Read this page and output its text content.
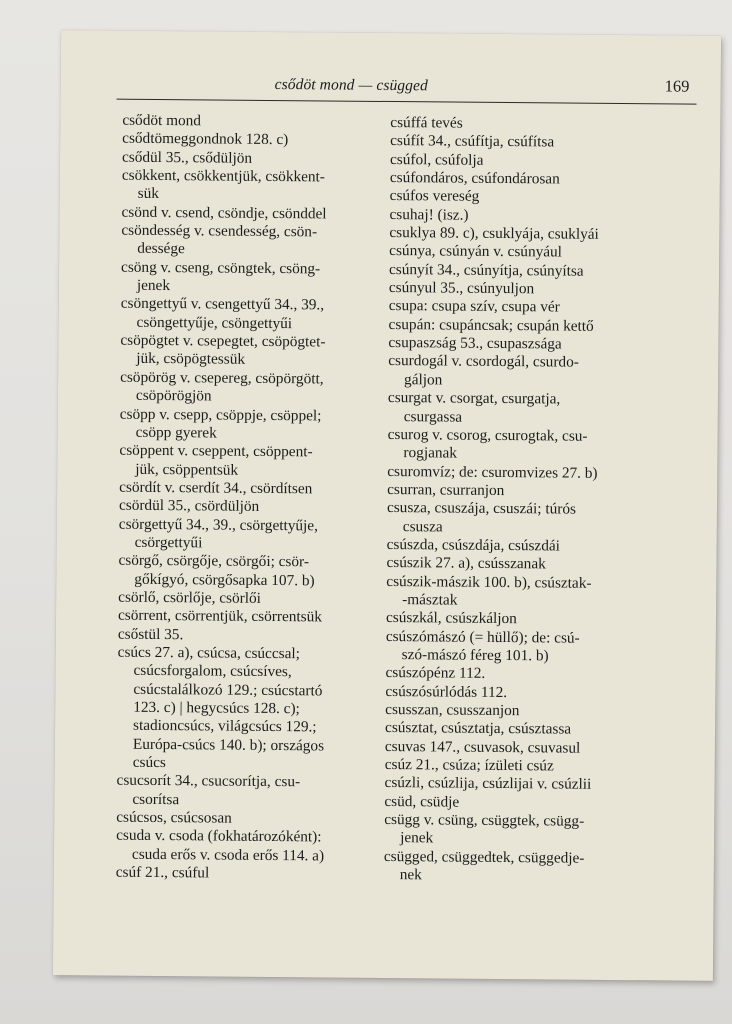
csődöt mond — csügged	169
csődöt mond
csődtömeggondnok 128. c)
csődül 35., csődüljön
csökkent, csökkentjük, csökkent-
sük
csönd v. csend, csöndje, csönddel
csöndesség v. csendesség, csön-
dessége
csöng v. cseng, csöngtek, csöng-
jenek
csöngettyű v. csengettyű 34., 39.,
csöngettyűje, csöngettyűi
csöpögtet v. csepegtet, csöpögtet-
jük, csöpögtessük
csöpörög v. csepereg, csöpörgött,
csöpörögjön
csöpp v. csepp, csöppje, csöppel;
csöpp gyerek
csöppent v. cseppent, csöppent-
jük, csöppentsük
csördít v. cserdít 34., csördítsen
csördül 35., csördüljön
csörgettyű 34., 39., csörgettyűje,
csörgettyűi
csörgő, csörgője, csörgői; csör-
gőkígyó, csörgősapka 107. b)
csörlő, csörlője, csörlői
csörrent, csörrentjük, csörrentsük
csőstül 35.
csúcs 27. a), csúcsa, csúccsal;
csúcsforgalom, csúcsíves,
csúcstalálkozó 129.; csúcstartó
123. c) | hegycsúcs 128. c);
stadioncsúcs, világcsúcs 129.;
Európa-csúcs 140. b); országos
csúcs
csucsorít 34., csucsorítja, csu-
csorítsa
csúcsos, csúcsosan
csuda v. csoda (fokhatározóként):
csuda erős v. csoda erős 114. a)
csúf 21., csúful
csúffá tevés
csúfít 34., csúfítja, csúfítsa
csúfol, csúfolja
csúfondáros, csúfondárosan
csúfos vereség
csuhaj! (isz.)
csuklya 89. c), csuklyája, csuklyái
csúnya, csúnyán v. csúnyául
csúnyít 34., csúnyítja, csúnyítsa
csúnyul 35., csúnyuljon
csupa: csupa szív, csupa vér
csupán: csupáncsak; csupán kettő
csupaszság 53., csupaszsága
csurdogál v. csordogál, csurdo-
gáljon
csurgat v. csorgat, csurgatja,
csurgassa
csurog v. csorog, csurogtak, csu-
rogjanak
csuromvíz; de: csuromvizes 27. b)
csurran, csurranjon
csusza, csuszája, csuszái; túrós
csusza
csúszda, csúszdája, csúszdái
csúszik 27. a), csússzanak
csúszik-mászik 100. b), csúsztak-
-másztak
csúszkál, csúszkáljon
csúszómászó (= hüllő); de: csú-
szó-mászó féreg 101. b)
csúszópénz 112.
csúszósúrlódás 112.
csusszan, csusszanjon
csúsztat, csúsztatja, csúsztassa
csuvas 147., csuvasok, csuvasul
csúz 21., csúza; ízületi csúz
csúzli, csúzlija, csúzlijai v. csúzlii
csüd, csüdje
csügg v. csüng, csüggtek, csügg-
jenek
csügged, csüggedtek, csüggedje-
nek
